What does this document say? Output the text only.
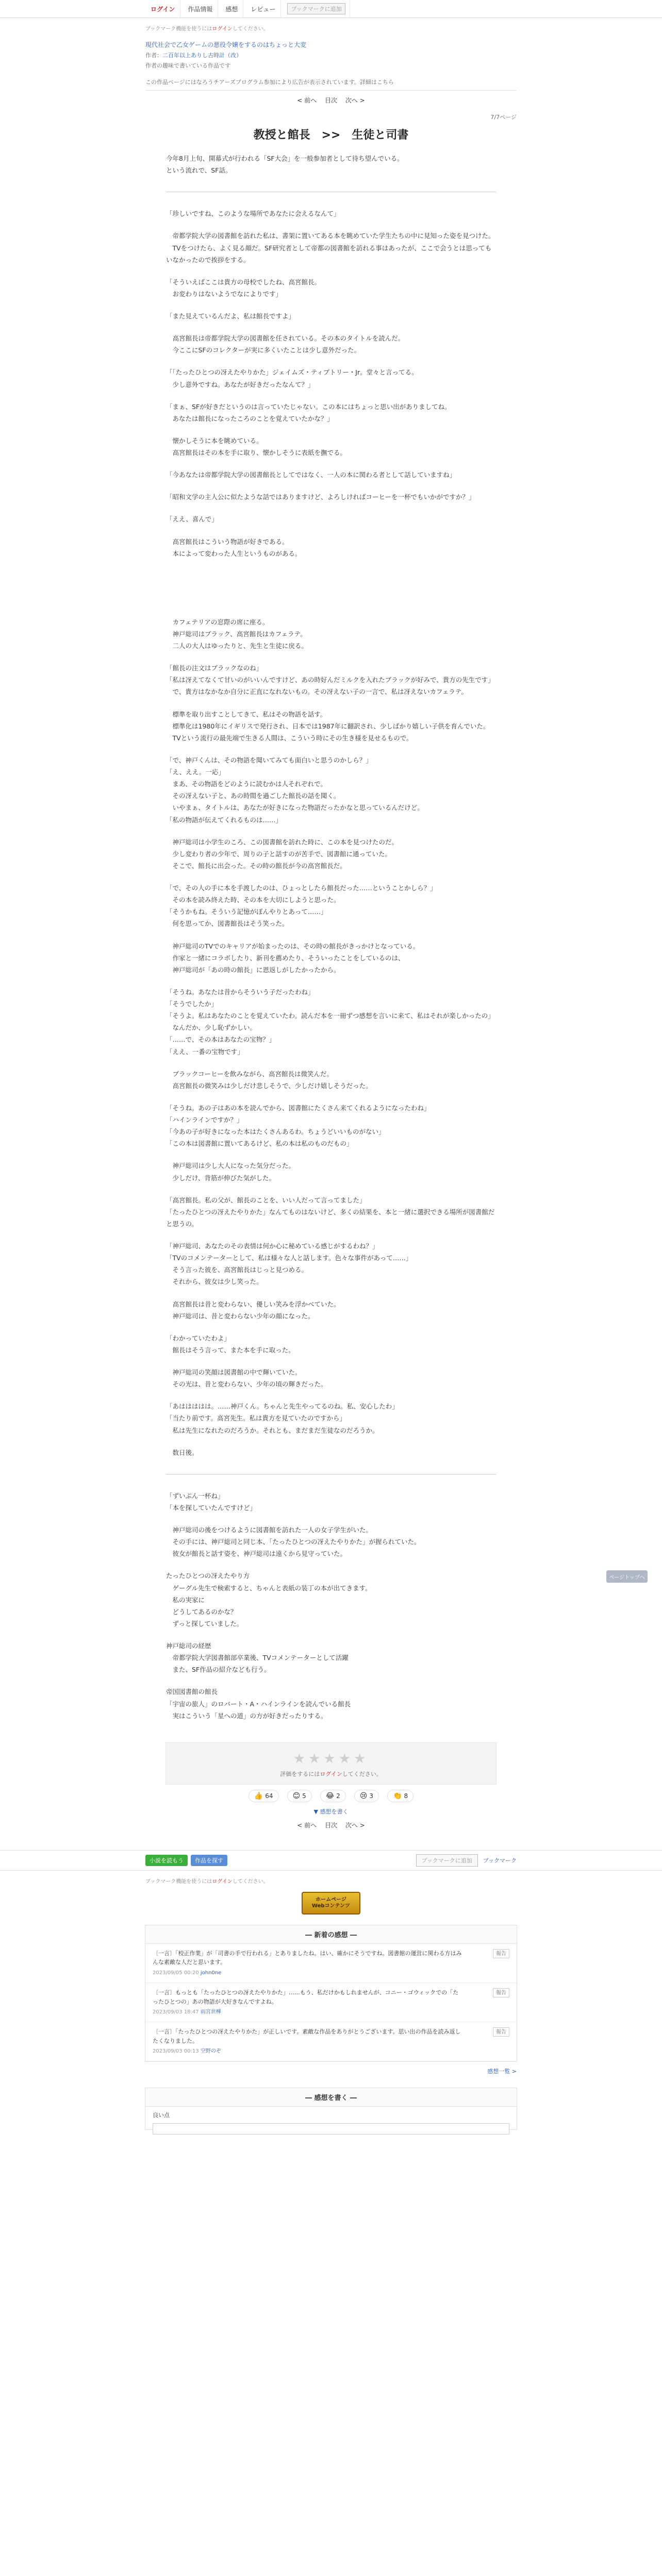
ログイン	作品情報	感想	レビュー	ブックマークに追加
ブックマーク機能を使うにはログインしてください。
現代社会で乙女ゲームの悪役令嬢をするのはちょっと大変
作者：二百年以上ありし古時計（改）
作者の趣味で書いている作品です
この作品ページにはなろうチアーズプログラム参加により広告が表示されています。詳細はこちら
< 前へ 目次 次へ >
7/7ページ
教授と館長　>>　生徒と司書

今年8月上旬、開幕式が行われる「SF大会」を一般参加者として待ち望んでいる。
という流れで、SF話。

「珍しいですね、このような場所であなたに会えるなんて」

　帝都学院大学の図書館を訪れた私は、書架に置いてある本を眺めていた学生たちの中に見知った姿を見つけた。
　TVをつけたら、よく見る顔だ。SF研究者として帝都の図書館を訪れる事はあったが、ここで会うとは思ってもいなかったので挨拶をする。

「そういえばここは貴方の母校でしたね、高宮館長。
　お変わりはないようでなによりです」

「また見えているんだよ、私は館長ですよ」

　高宮館長は帝都学院大学の図書館を任されている。その本のタイトルを読んだ。
　今ここにSFのコレクターが実に多くいたことは少し意外だった。

「「たったひとつの冴えたやりかた」ジェイムズ・ティプトリー・Jr。堂々と言ってる。
　少し意外ですね。あなたが好きだったなんて？」

「まぁ、SFが好きだというのは言っていたじゃない。この本にはちょっと思い出がありましてね。
　あなたは館長になったころのことを覚えていたかな？」

　懐かしそうに本を眺めている。
　高宮館長はその本を手に取り、懐かしそうに表紙を撫でる。

「今あなたは帝都学院大学の図書館長としてではなく、一人の本に関わる者として話していますね」

「昭和文学の主人公に似たような話ではありますけど、よろしければコーヒーを一杯でもいかがですか？」

「ええ、喜んで」

　高宮館長はこういう物語が好きである。
　本によって変わった人生というものがある。

　カフェテリアの窓際の席に座る。
　神戸総司はブラック、高宮館長はカフェラテ。
　二人の大人はゆったりと、先生と生徒に戻る。

「館長の注文はブラックなのね」
「私は冴えてなくて甘いのがいいんですけど、あの時好んだミルクを入れたブラックが好みで、貴方の先生です」
　で、貴方はなかなか自分に正直になれないもの。その冴えない子の一言で、私は冴えないカフェラテ。

　標準を取り出すことしてきて、私はその物語を話す。
　標準化は1980年にイギリスで発行され、日本では1987年に翻訳され、少しばかり嬉しい子供を育んでいた。
　TVという流行の最先端で生きる人間は、こういう時にその生き様を見せるもので。

「で、神戸くんは、その物語を聞いてみても面白いと思うのかしら？」
「え、ええ。一応」
　まあ、その物語をどのように読むかは人それぞれで。
　その冴えない子と、あの時間を過ごした館長の話を聞く。
　いやまぁ、タイトルは、あなたが好きになった物語だったかなと思っているんだけど。
「私の物語が伝えてくれるものは……」

　神戸総司は小学生のころ、この図書館を訪れた時に、この本を見つけたのだ。
　少し変わり者の少年で、周りの子と話すのが苦手で、図書館に通っていた。
　そこで、館長に出会った。その時の館長が今の高宮館長だ。

「で、その人の手に本を手渡したのは、ひょっとしたら館長だった……ということかしら？」
　その本を読み終えた時、その本を大切にしようと思った。
「そうかもね。そういう記憶がぼんやりとあって……」
　何を思ってか、図書館長はそう笑った。

　神戸総司のTVでのキャリアが始まったのは、その時の館長がきっかけとなっている。
　作家と一緒にコラボしたり、新刊を薦めたり、そういったことをしているのは、
　神戸総司が「あの時の館長」に恩返しがしたかったから。

「そうね。あなたは昔からそういう子だったわね」
「そうでしたか」
「そうよ。私はあなたのことを覚えていたわ。読んだ本を一冊ずつ感想を言いに来て、私はそれが楽しかったの」
　なんだか、少し恥ずかしい。
「……で、その本はあなたの宝物？」
「ええ、一番の宝物です」

　ブラックコーヒーを飲みながら、高宮館長は微笑んだ。
　高宮館長の微笑みは少しだけ悲しそうで、少しだけ嬉しそうだった。

「そうね。あの子はあの本を読んでから、図書館にたくさん来てくれるようになったわね」
「ハインラインですか？」
「今あの子が好きになった本はたくさんあるわ。ちょうどいいものがない」
「この本は図書館に置いてあるけど、私の本は私のものだもの」

　神戸総司は少し大人になった気分だった。
　少しだけ、背筋が伸びた気がした。

「高宮館長。私の父が、館長のことを、いい人だって言ってました」
「たったひとつの冴えたやりかた」なんてものはないけど、多くの結果を、本と一緒に選択できる場所が図書館だと思うの。

「神戸総司、あなたのその表情は何か心に秘めている感じがするわね？」
「TVのコメンテーターとして、私は様々な人と話します。色々な事件があって……」
　そう言った彼を、高宮館長はじっと見つめる。
　それから、彼女は少し笑った。

　高宮館長は昔と変わらない、優しい笑みを浮かべていた。
　神戸総司は、昔と変わらない少年の顔になった。

「わかっていたわよ」
　館長はそう言って、また本を手に取った。

　神戸総司の笑顔は図書館の中で輝いていた。
　その光は、昔と変わらない、少年の頃の輝きだった。

「あははははは。……神戸くん。ちゃんと先生やってるのね。私、安心したわ」
「当たり前です。高宮先生。私は貴方を見ていたのですから」
　私は先生になれたのだろうか。それとも、まだまだ生徒なのだろうか。

　数日後。

「ずいぶん一杯ね」
「本を探していたんですけど」

　神戸総司の後をつけるように図書館を訪れた一人の女子学生がいた。
　その手には、神戸総司と同じ本、「たったひとつの冴えたやりかた」が握られていた。
　彼女が館長と話す姿を、神戸総司は遠くから見守っていた。

たったひとつの冴えたやり方
　ゲーグル先生で検索すると、ちゃんと表紙の装丁の本が出てきます。
　私の実家に
　どうしてあるのかな？
　ずっと探していました。

神戸総司の経歴
　帝都学院大学図書館部卒業後、TVコメンテーターとして活躍
　また、SF作品の紹介なども行う。

帝国図書館の館長
「宇宙の旅人」のロバート・A・ハインラインを読んでいる館長
　実はこういう「星への道」の方が好きだったりする。

★★★★★
評価をするにはログインしてください。
👍 64	😊 5	😂 2	😢 3	👏 8
▼ 感想を書く
< 前へ 目次 次へ >
小説を読もう	作品を探す	ブックマークに追加	ブックマーク
ブックマーク機能を使うにはログインしてください。
ホームページ
Webコンテンツ
― 新着の感想 ―
〔一言〕「校正作業」が「司書の手で行われる」とありましたね。はい、確かにそうですね。図書館の運営に関わる方はみんな素敵な人だと思います。
2023/09/05 00:20 john0ne
報告
〔一言〕もっとも「たったひとつの冴えたやりかた」……もう、私だけかもしれませんが、コニー・ゴウィックでの「たったひとつの」あの物語が大好きなんですよね。
2023/09/03 18:47 雨宮世樺
報告
〔一言〕「たったひとつの冴えたやりかた」が正しいです。素敵な作品をありがとうございます。思い出の作品を読み返したくなりました。
2023/09/03 00:13 空野のぞ
報告
感想一覧 >
― 感想を書く ―
良い点
ページトップへ
